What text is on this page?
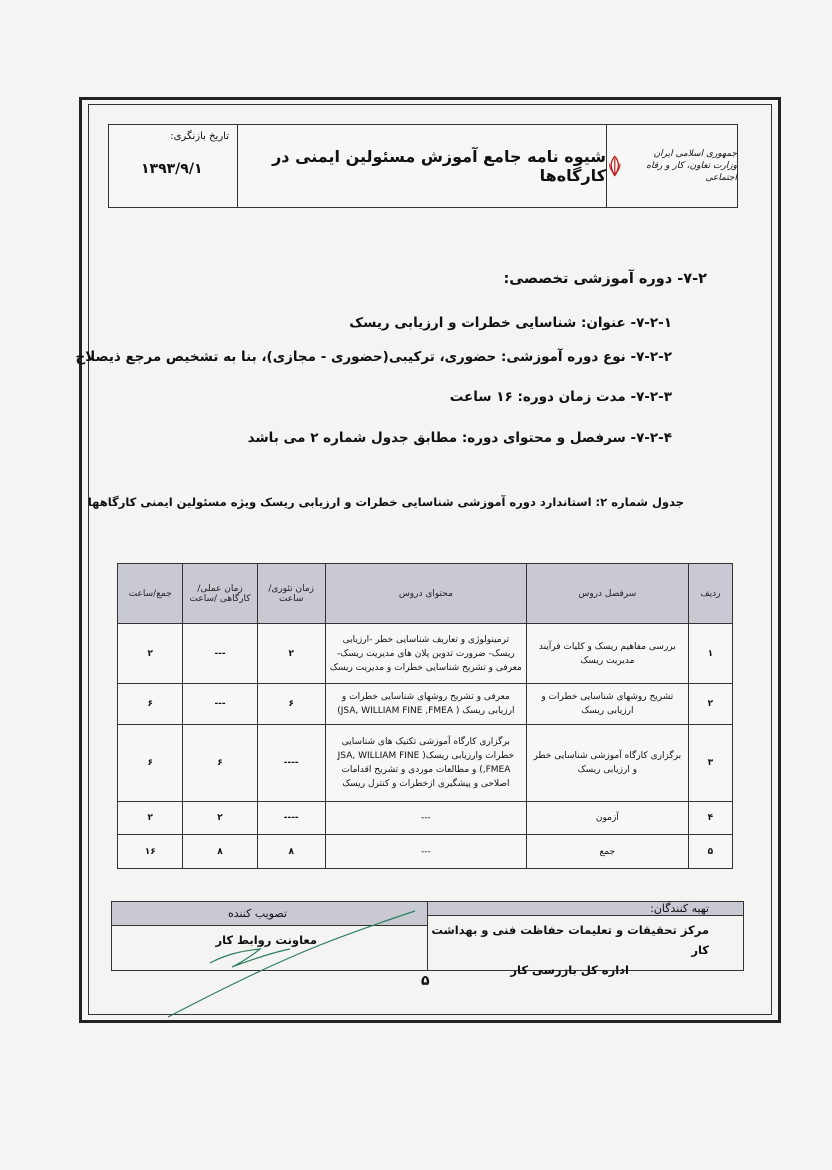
جمهوری اسلامی ایران
وزارت تعاون، کار و رفاه اجتماعی
شیوه نامه جامع آموزش مسئولین ایمنی در کارگاه‌ها
تاریخ بازنگری:
۱۳۹۳/۹/۱
۷-۲- دوره آموزشی تخصصی:
۷-۲-۱- عنوان: شناسایی خطرات و ارزیابی ریسک
۷-۲-۲- نوع دوره آموزشی: حضوری، ترکیبی(حضوری - مجازی)، بنا به تشخیص مرجع ذیصلاح
۷-۲-۳- مدت زمان دوره: ۱۶ ساعت
۷-۲-۴- سرفصل و محتوای دوره: مطابق جدول شماره ۲ می باشد
جدول شماره ۲: استاندارد دوره آموزشی شناسایی خطرات و ارزیابی ریسک ویژه مسئولین ایمنی کارگاهها
ردیف	سرفصل دروس	محتوای دروس	زمان تئوری/ساعت	زمان عملی/کارگاهی /ساعت	جمع/ساعت
۱	بررسی مفاهیم ریسک و کلیات فرآیند مدیریت ریسک	ترمینولوژی و تعاریف شناسایی خطر -ارزیابی ریسک- ضرورت تدوین پلان های مدیریت ریسک- معرفی و تشریح شناسایی خطرات و مدیریت ریسک	۲	---	۲
۲	تشریح روشهای شناسایی خطرات و ارزیابی ریسک	معرفی و تشریح روشهای شناسایی خطرات و ارزیابی ریسک ( JSA, WILLIAM FINE ,FMEA)	۶	---	۶
۳	برگزاری کارگاه آموزشی شناسایی خطر و ارزیابی ریسک	برگزاری کارگاه آموزشی تکنیک های شناسایی خطرات وارزیابی ریسک( JSA, WILLIAM FINE ,FMEA) و مطالعات موردی و تشریح اقدامات اصلاحی و پیشگیری ازخطرات و کنترل ریسک	----	۶	۶
۴	آزمون	---	----	۲	۲
۵	جمع	---	۸	۸	۱۶
تهیه کنندگان:
مرکز تحقیقات و تعلیمات حفاظت فنی و بهداشت کار
اداره کل بازرسی کار
تصویب کننده
معاونت روابط کار
۵
